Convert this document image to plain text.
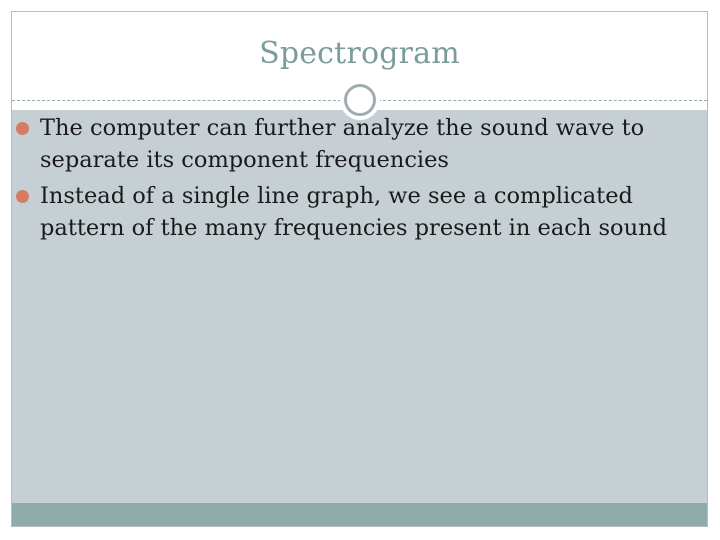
Spectrogram
The computer can further analyze the sound wave to separate its component frequencies
Instead of a single line graph, we see a complicated pattern of the many frequencies present in each sound
